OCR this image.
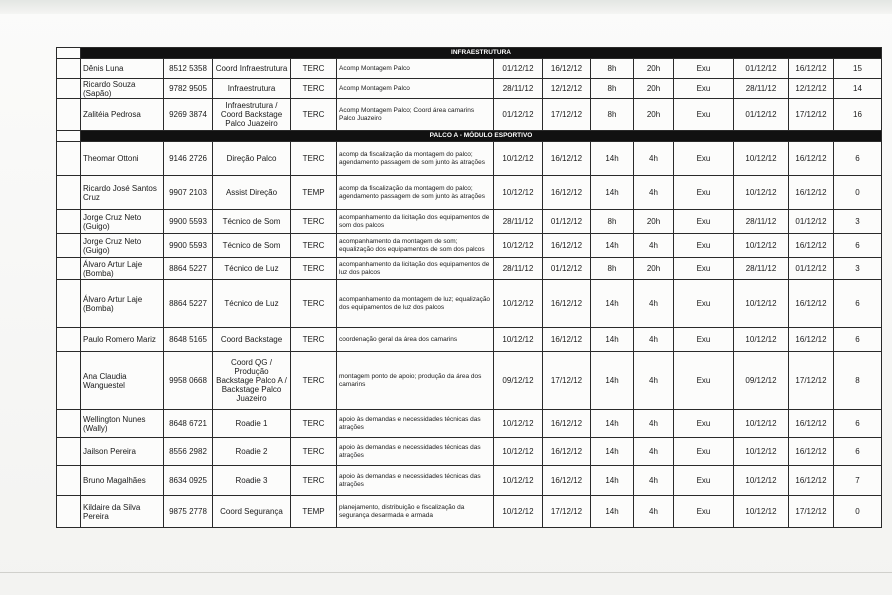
	INFRAESTRUTURA												
	Dênis Luna	8512 5358	Coord Infraestrutura	TERC	Acomp Montagem Palco	01/12/12	16/12/12	8h	20h	Exu	01/12/12	16/12/12	15
	Ricardo Souza (Sapão)	9782 9505	Infraestrutura	TERC	Acomp Montagem Palco	28/11/12	12/12/12	8h	20h	Exu	28/11/12	12/12/12	14
	Zalitéia Pedrosa	9269 3874	Infraestrutura / Coord Backstage Palco Juazeiro	TERC	Acomp Montagem Palco; Coord área camarins Palco Juazeiro	01/12/12	17/12/12	8h	20h	Exu	01/12/12	17/12/12	16
	PALCO A - MÓDULO ESPORTIVO												
	Theomar Ottoni	9146 2726	Direção Palco	TERC	acomp da fiscalização da montagem do palco; agendamento passagem de som junto às atrações	10/12/12	16/12/12	14h	4h	Exu	10/12/12	16/12/12	6
	Ricardo José Santos Cruz	9907 2103	Assist Direção	TEMP	acomp da fiscalização da montagem do palco; agendamento passagem de som junto às atrações	10/12/12	16/12/12	14h	4h	Exu	10/12/12	16/12/12	0
	Jorge Cruz Neto (Guigo)	9900 5593	Técnico de Som	TERC	acompanhamento da licitação dos equipamentos de som dos palcos	28/11/12	01/12/12	8h	20h	Exu	28/11/12	01/12/12	3
	Jorge Cruz Neto (Guigo)	9900 5593	Técnico de Som	TERC	acompanhamento da montagem de som; equalização dos equipamentos de som dos palcos	10/12/12	16/12/12	14h	4h	Exu	10/12/12	16/12/12	6
	Álvaro Artur Laje (Bomba)	8864 5227	Técnico de Luz	TERC	acompanhamento da licitação dos equipamentos de luz dos palcos	28/11/12	01/12/12	8h	20h	Exu	28/11/12	01/12/12	3
	Álvaro Artur Laje (Bomba)	8864 5227	Técnico de Luz	TERC	acompanhamento da montagem de luz; equalização dos equipamentos de luz dos palcos	10/12/12	16/12/12	14h	4h	Exu	10/12/12	16/12/12	6
	Paulo Romero Mariz	8648 5165	Coord Backstage	TERC	coordenação geral da área dos camarins	10/12/12	16/12/12	14h	4h	Exu	10/12/12	16/12/12	6
	Ana Claudia Wanguestel	9958 0668	Coord QG / Produção Backstage Palco A / Backstage Palco Juazeiro	TERC	montagem ponto de apoio; produção da área dos camarins	09/12/12	17/12/12	14h	4h	Exu	09/12/12	17/12/12	8
	Wellington Nunes (Wally)	8648 6721	Roadie 1	TERC	apoio às demandas e necessidades técnicas das atrações	10/12/12	16/12/12	14h	4h	Exu	10/12/12	16/12/12	6
	Jailson Pereira	8556 2982	Roadie 2	TERC	apoio às demandas e necessidades técnicas das atrações	10/12/12	16/12/12	14h	4h	Exu	10/12/12	16/12/12	6
	Bruno Magalhães	8634 0925	Roadie 3	TERC	apoio às demandas e necessidades técnicas das atrações	10/12/12	16/12/12	14h	4h	Exu	10/12/12	16/12/12	7
	Kildaire da Silva Pereira	9875 2778	Coord Segurança	TEMP	planejamento, distribuição e fiscalização da segurança desarmada e armada	10/12/12	17/12/12	14h	4h	Exu	10/12/12	17/12/12	0
